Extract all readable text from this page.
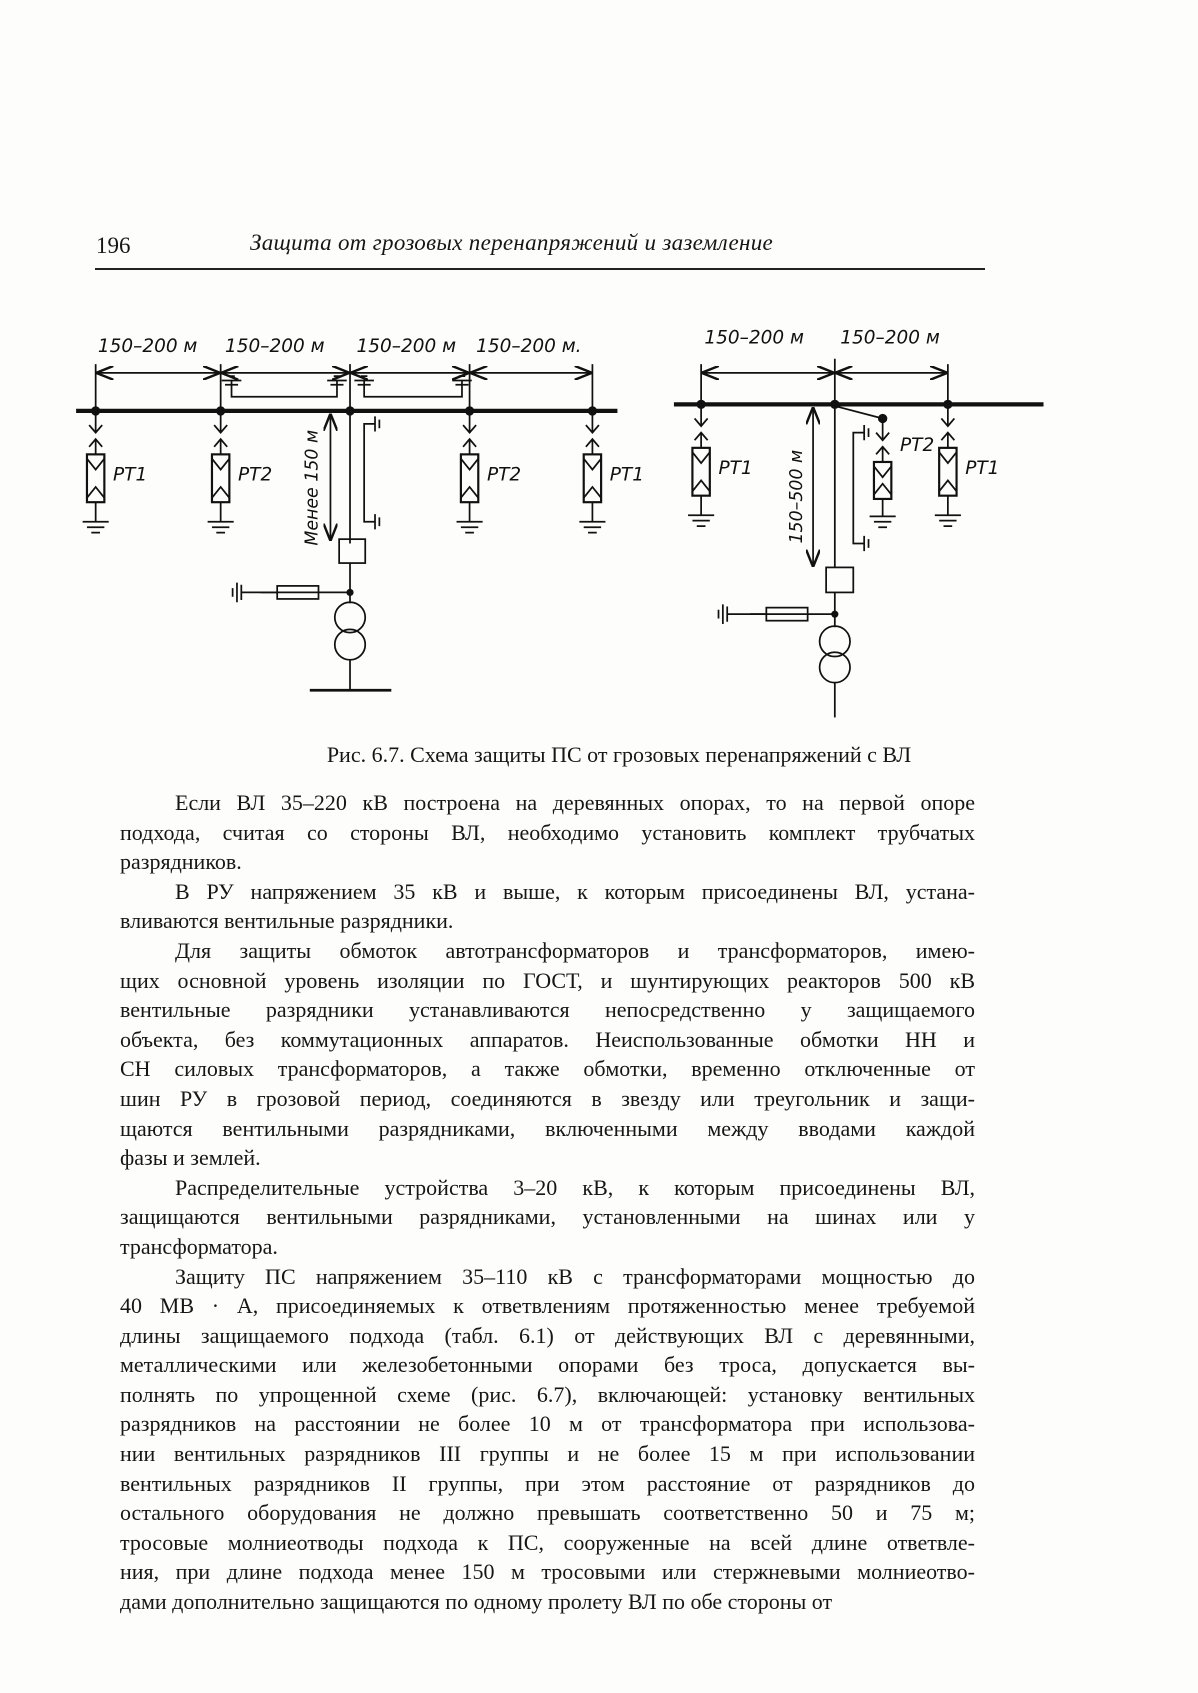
196	Защита от грозовых перенапряжений и заземление
150–200 м 150–200 м 150–200 м 150–200 м.
Менее 150 м
150–200 м 150–200 м
150–500 м
РТ1	РТ2	РТ2	РТ1	РТ1
РТ2
РТ1
Рис. 6.7. Схема защиты ПС от грозовых перенапряжений с ВЛ
Если ВЛ 35–220 кВ построена на деревянных опорах, то на первой опоре
подхода, считая со стороны ВЛ, необходимо установить комплект трубчатых
разрядников.
В РУ напряжением 35 кВ и выше, к которым присоединены ВЛ, устана-
вливаются вентильные разрядники.
Для защиты обмоток автотрансформаторов и трансформаторов, имею-
щих основной уровень изоляции по ГОСТ, и шунтирующих реакторов 500 кВ
вентильные разрядники устанавливаются непосредственно у защищаемого
объекта, без коммутационных аппаратов. Неиспользованные обмотки НН и
СН силовых трансформаторов, а также обмотки, временно отключенные от
шин РУ в грозовой период, соединяются в звезду или треугольник и защи-
щаются вентильными разрядниками, включенными между вводами каждой
фазы и землей.
Распределительные устройства 3–20 кВ, к которым присоединены ВЛ,
защищаются вентильными разрядниками, установленными на шинах или у
трансформатора.
Защиту ПС напряжением 35–110 кВ с трансформаторами мощностью до
40 МВ · А, присоединяемых к ответвлениям протяженностью менее требуемой
длины защищаемого подхода (табл. 6.1) от действующих ВЛ с деревянными,
металлическими или железобетонными опорами без троса, допускается вы-
полнять по упрощенной схеме (рис. 6.7), включающей: установку вентильных
разрядников на расстоянии не более 10 м от трансформатора при использова-
нии вентильных разрядников III группы и не более 15 м при использовании
вентильных разрядников II группы, при этом расстояние от разрядников до
остального оборудования не должно превышать соответственно 50 и 75 м;
тросовые молниеотводы подхода к ПС, сооруженные на всей длине ответвле-
ния, при длине подхода менее 150 м тросовыми или стержневыми молниеотво-
дами дополнительно защищаются по одному пролету ВЛ по обе стороны от
